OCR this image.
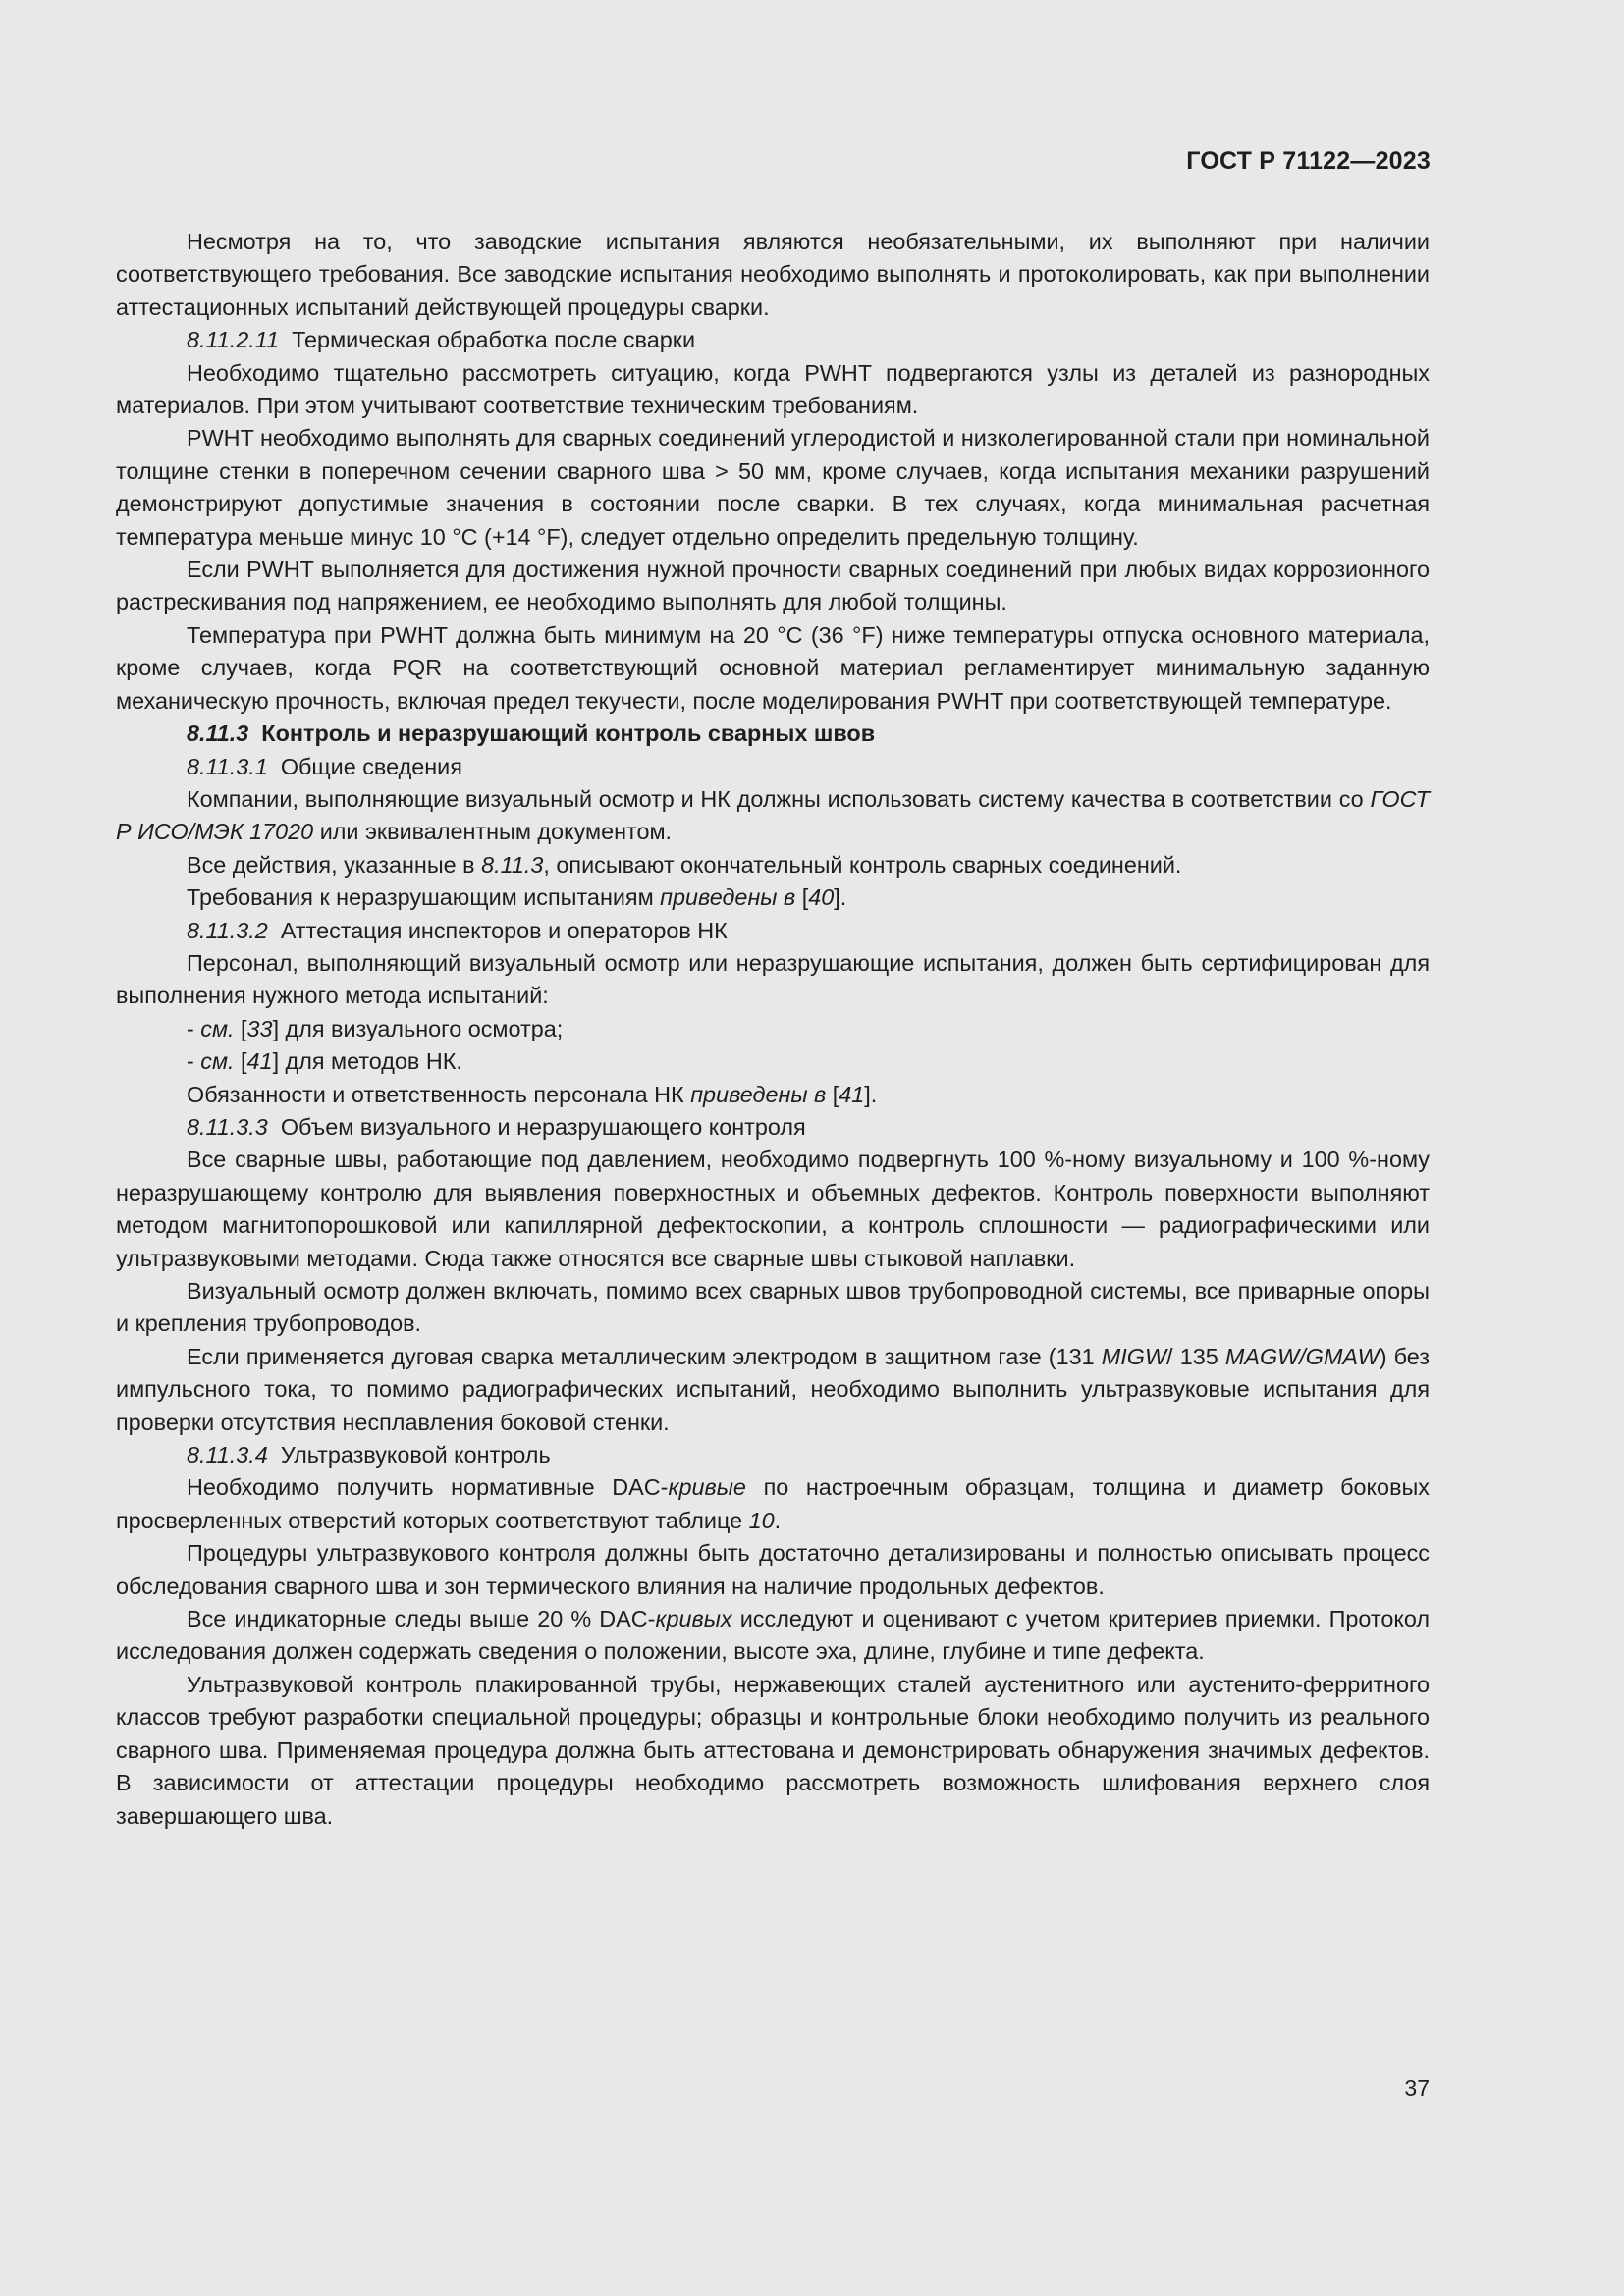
ГОСТ Р 71122—2023

Несмотря на то, что заводские испытания являются необязательными, их выполняют при наличии соответствующего требования. Все заводские испытания необходимо выполнять и протоколировать, как при выполнении аттестационных испытаний действующей процедуры сварки.

8.11.2.11 Термическая обработка после сварки

Необходимо тщательно рассмотреть ситуацию, когда PWHT подвергаются узлы из деталей из разнородных материалов. При этом учитывают соответствие техническим требованиям.

PWHT необходимо выполнять для сварных соединений углеродистой и низколегированной стали при номинальной толщине стенки в поперечном сечении сварного шва > 50 мм, кроме случаев, когда испытания механики разрушений демонстрируют допустимые значения в состоянии после сварки. В тех случаях, когда минимальная расчетная температура меньше минус 10 °С (+14 °F), следует отдельно определить предельную толщину.

Если PWHT выполняется для достижения нужной прочности сварных соединений при любых видах коррозионного растрескивания под напряжением, ее необходимо выполнять для любой толщины.

Температура при PWHT должна быть минимум на 20 °С (36 °F) ниже температуры отпуска основного материала, кроме случаев, когда PQR на соответствующий основной материал регламентирует минимальную заданную механическую прочность, включая предел текучести, после моделирования PWHT при соответствующей температуре.

8.11.3 Контроль и неразрушающий контроль сварных швов

8.11.3.1 Общие сведения

Компании, выполняющие визуальный осмотр и НК должны использовать систему качества в соответствии со ГОСТ Р ИСО/МЭК 17020 или эквивалентным документом.

Все действия, указанные в 8.11.3, описывают окончательный контроль сварных соединений.

Требования к неразрушающим испытаниям приведены в [40].

8.11.3.2 Аттестация инспекторов и операторов НК

Персонал, выполняющий визуальный осмотр или неразрушающие испытания, должен быть сертифицирован для выполнения нужного метода испытаний:

- см. [33] для визуального осмотра;

- см. [41] для методов НК.

Обязанности и ответственность персонала НК приведены в [41].

8.11.3.3 Объем визуального и неразрушающего контроля

Все сварные швы, работающие под давлением, необходимо подвергнуть 100 %-ному визуальному и 100 %-ному неразрушающему контролю для выявления поверхностных и объемных дефектов. Контроль поверхности выполняют методом магнитопорошковой или капиллярной дефектоскопии, а контроль сплошности — радиографическими или ультразвуковыми методами. Сюда также относятся все сварные швы стыковой наплавки.

Визуальный осмотр должен включать, помимо всех сварных швов трубопроводной системы, все приварные опоры и крепления трубопроводов.

Если применяется дуговая сварка металлическим электродом в защитном газе (131 MIGW/ 135 MAGW/GMAW) без импульсного тока, то помимо радиографических испытаний, необходимо выполнить ультразвуковые испытания для проверки отсутствия несплавления боковой стенки.

8.11.3.4 Ультразвуковой контроль

Необходимо получить нормативные DAC-кривые по настроечным образцам, толщина и диаметр боковых просверленных отверстий которых соответствуют таблице 10.

Процедуры ультразвукового контроля должны быть достаточно детализированы и полностью описывать процесс обследования сварного шва и зон термического влияния на наличие продольных дефектов.

Все индикаторные следы выше 20 % DAC-кривых исследуют и оценивают с учетом критериев приемки. Протокол исследования должен содержать сведения о положении, высоте эха, длине, глубине и типе дефекта.

Ультразвуковой контроль плакированной трубы, нержавеющих сталей аустенитного или аустенито-ферритного классов требуют разработки специальной процедуры; образцы и контрольные блоки необходимо получить из реального сварного шва. Применяемая процедура должна быть аттестована и демонстрировать обнаружения значимых дефектов. В зависимости от аттестации процедуры необходимо рассмотреть возможность шлифования верхнего слоя завершающего шва.

37
